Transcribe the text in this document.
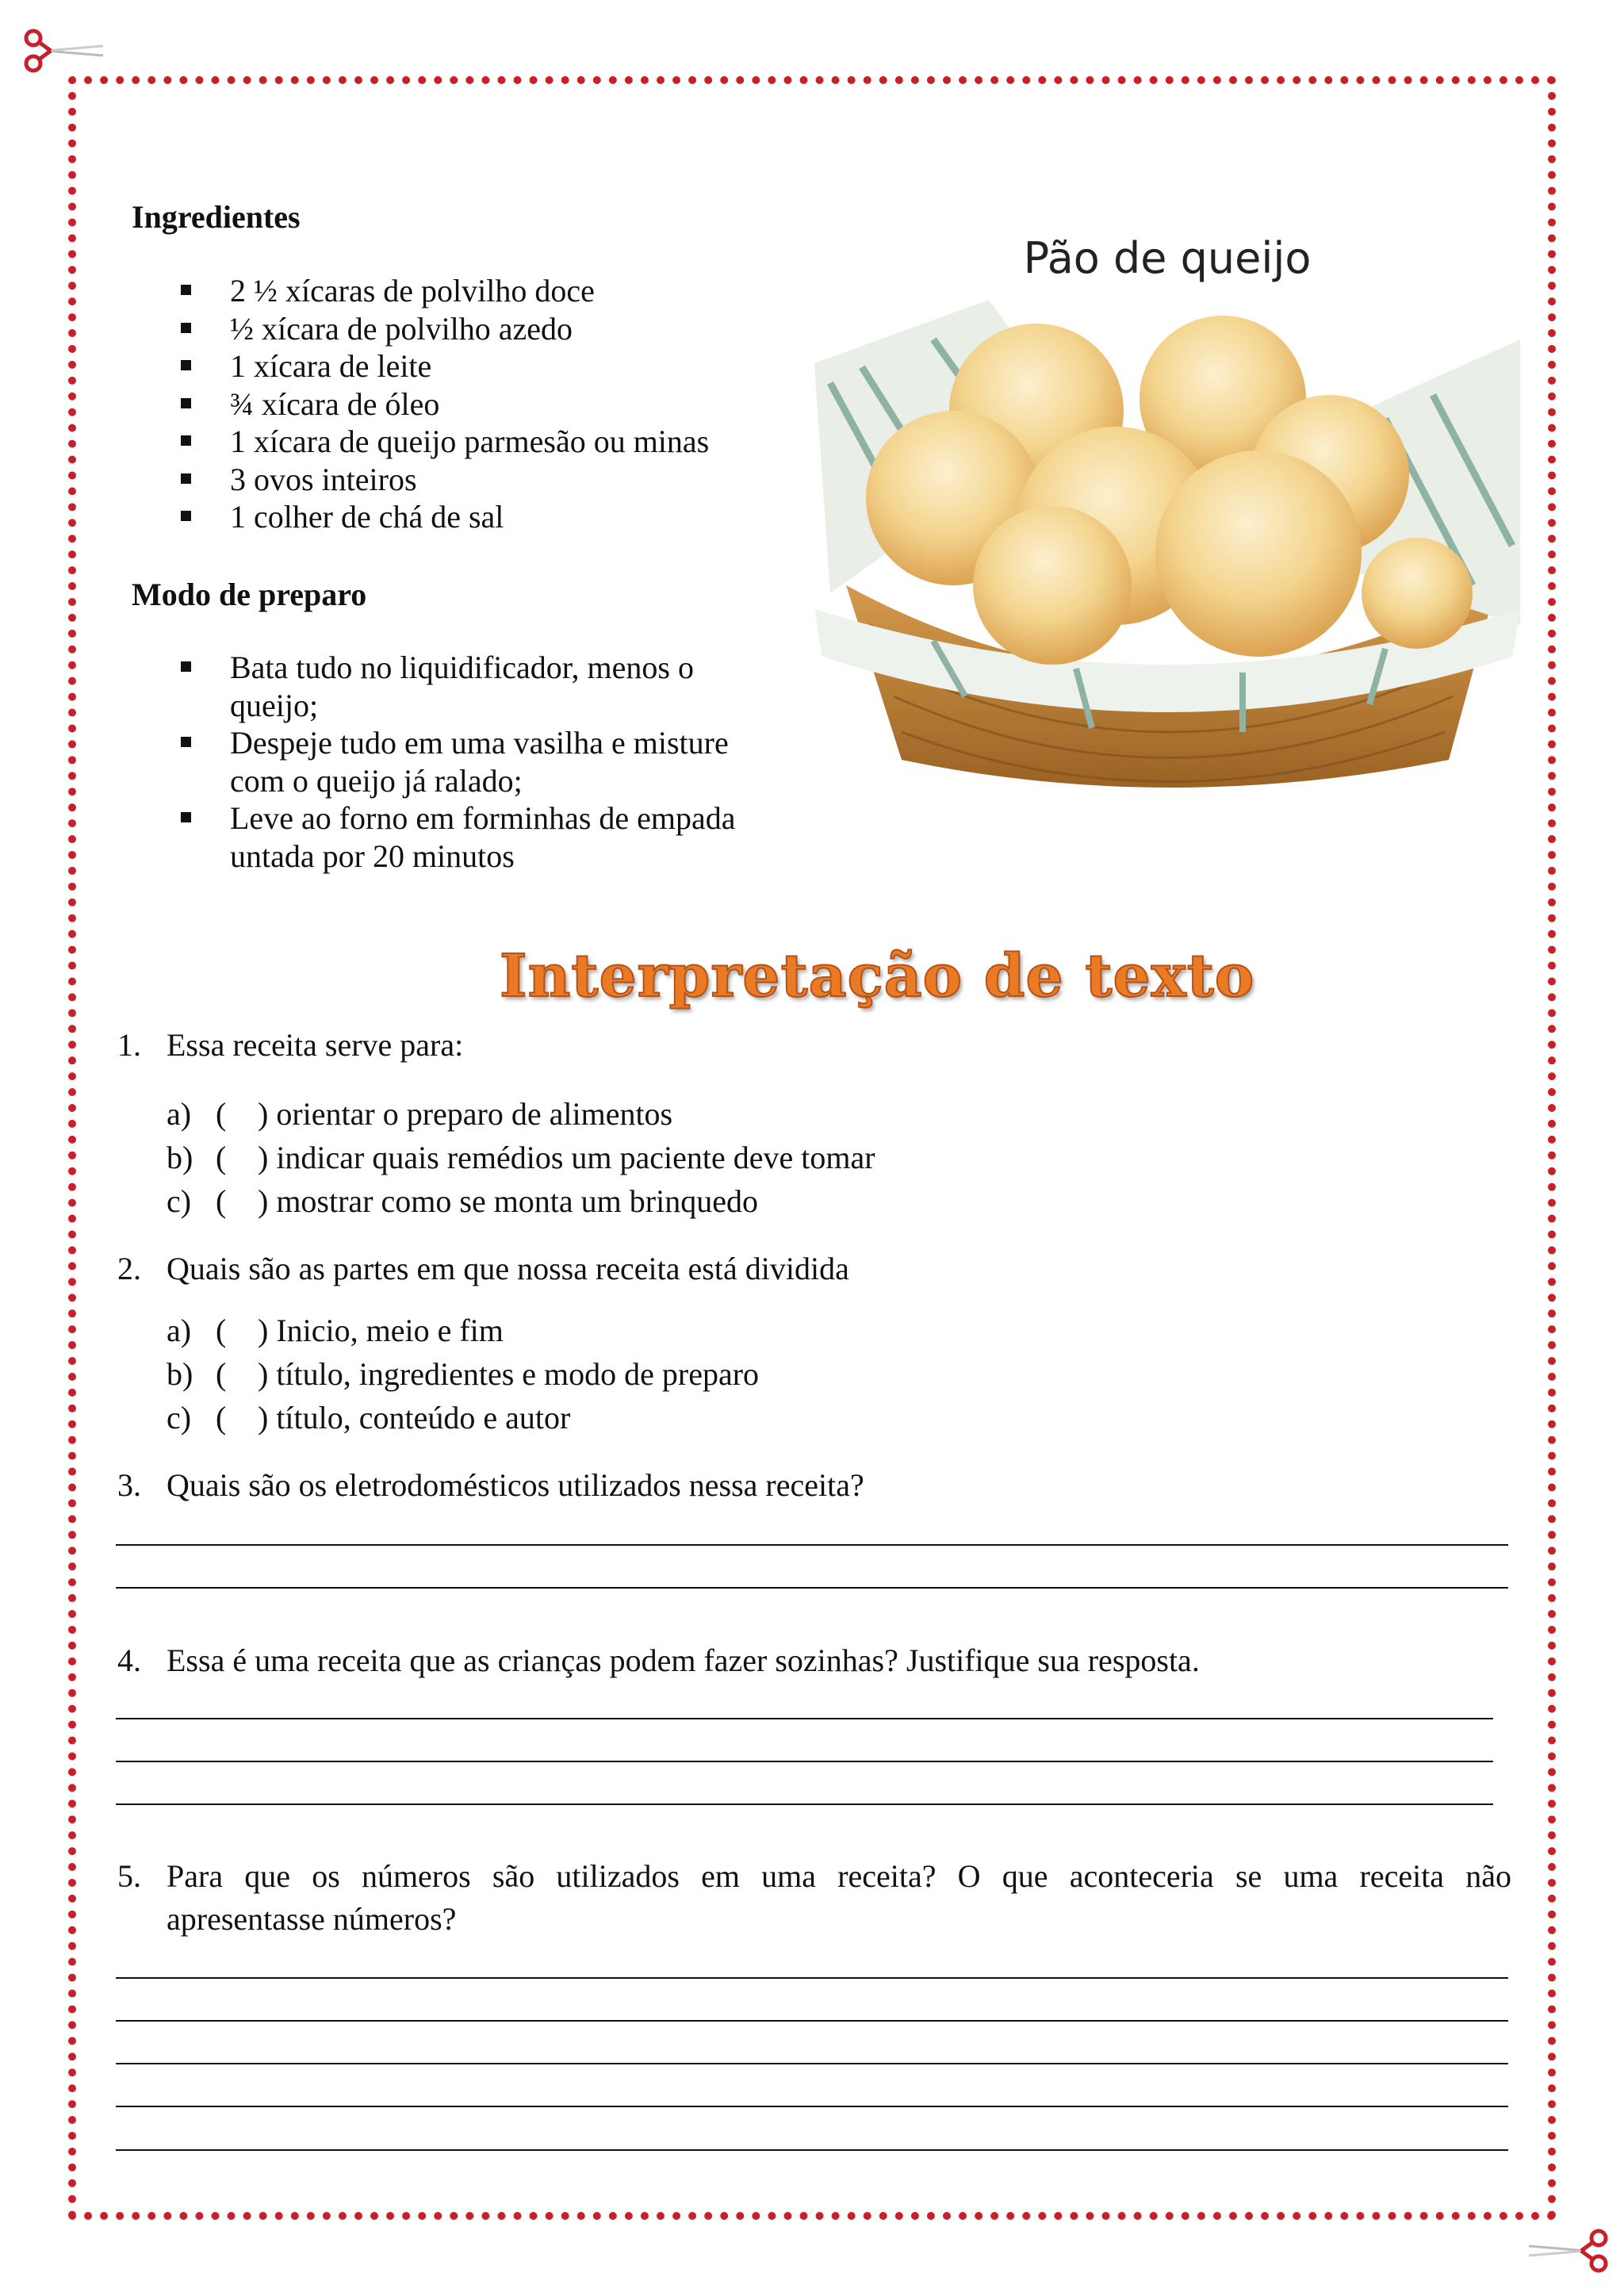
Ingredientes
2 ½ xícaras de polvilho doce
½ xícara de polvilho azedo
1 xícara de leite
¾ xícara de óleo
1 xícara de queijo parmesão ou minas
3 ovos inteiros
1 colher de chá de sal
Modo de preparo
Bata tudo no liquidificador, menos o queijo;
Despeje tudo em uma vasilha e misture com o queijo já ralado;
Leve ao forno em forminhas de empada untada por 20 minutos
Pão de queijo
Interpretação de texto
1. Essa receita serve para:
a) ( ) orientar o preparo de alimentos
b) ( ) indicar quais remédios um paciente deve tomar
c) ( ) mostrar como se monta um brinquedo
2. Quais são as partes em que nossa receita está dividida
a) ( ) Inicio, meio e fim
b) ( ) título, ingredientes e modo de preparo
c) ( ) título, conteúdo e autor
3. Quais são os eletrodomésticos utilizados nessa receita?
4. Essa é uma receita que as crianças podem fazer sozinhas? Justifique sua resposta.
5. Para que os números são utilizados em uma receita? O que aconteceria se uma receita não
apresentasse números?
